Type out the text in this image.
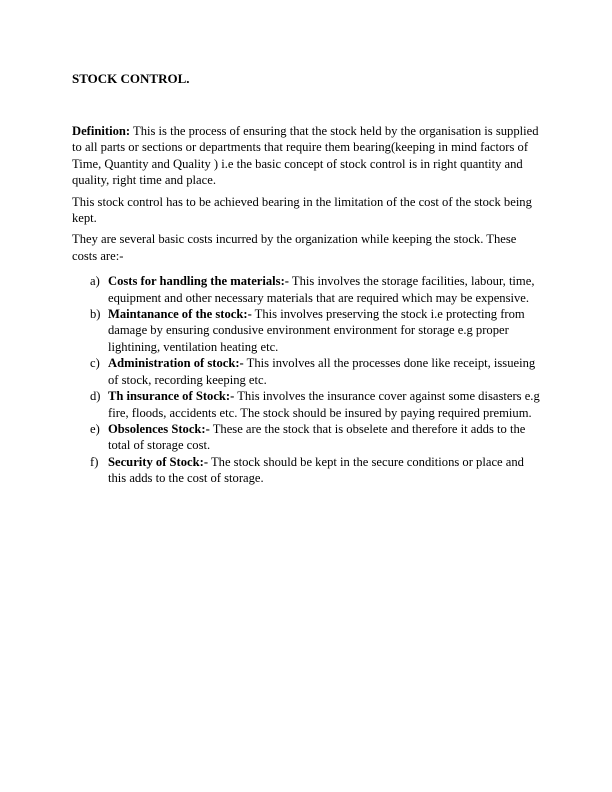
STOCK CONTROL.

Definition: This is the process of ensuring that the stock held by the organisation is supplied to all parts or sections or departments that require them bearing(keeping in mind factors of Time, Quantity and Quality ) i.e the basic concept of stock control is in right quantity and quality, right time and place.

This stock control has to be achieved bearing in the limitation of the cost of the stock being kept.

They are several basic costs incurred by the organization while keeping the stock. These costs are:-

a) Costs for handling the materials:- This involves the storage facilities, labour, time, equipment and other necessary materials that are required which may be expensive.
b) Maintanance of the stock:- This involves preserving the stock i.e protecting from damage by ensuring condusive environment environment for storage e.g proper lightining, ventilation heating etc.
c) Administration of stock:- This involves all the processes done like receipt, issueing of stock, recording keeping etc.
d) Th insurance of Stock:- This involves the insurance cover against some disasters e.g fire, floods, accidents etc. The stock should be insured by paying required premium.
e) Obsolences Stock:- These are the stock that is obselete and therefore it adds to the total of storage cost.
f) Security of Stock:- The stock should be kept in the secure conditions or place and this adds to the cost of storage.
